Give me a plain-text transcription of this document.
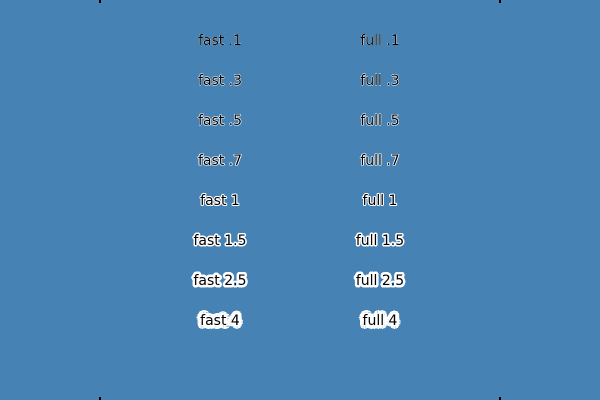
fast .1
fast .3
fast .5
fast .7
fast 1
fast 1.5
fast 2.5
fast 4
full .1
full .3
full .5
full .7
full 1
full 1.5
full 2.5
full 4
